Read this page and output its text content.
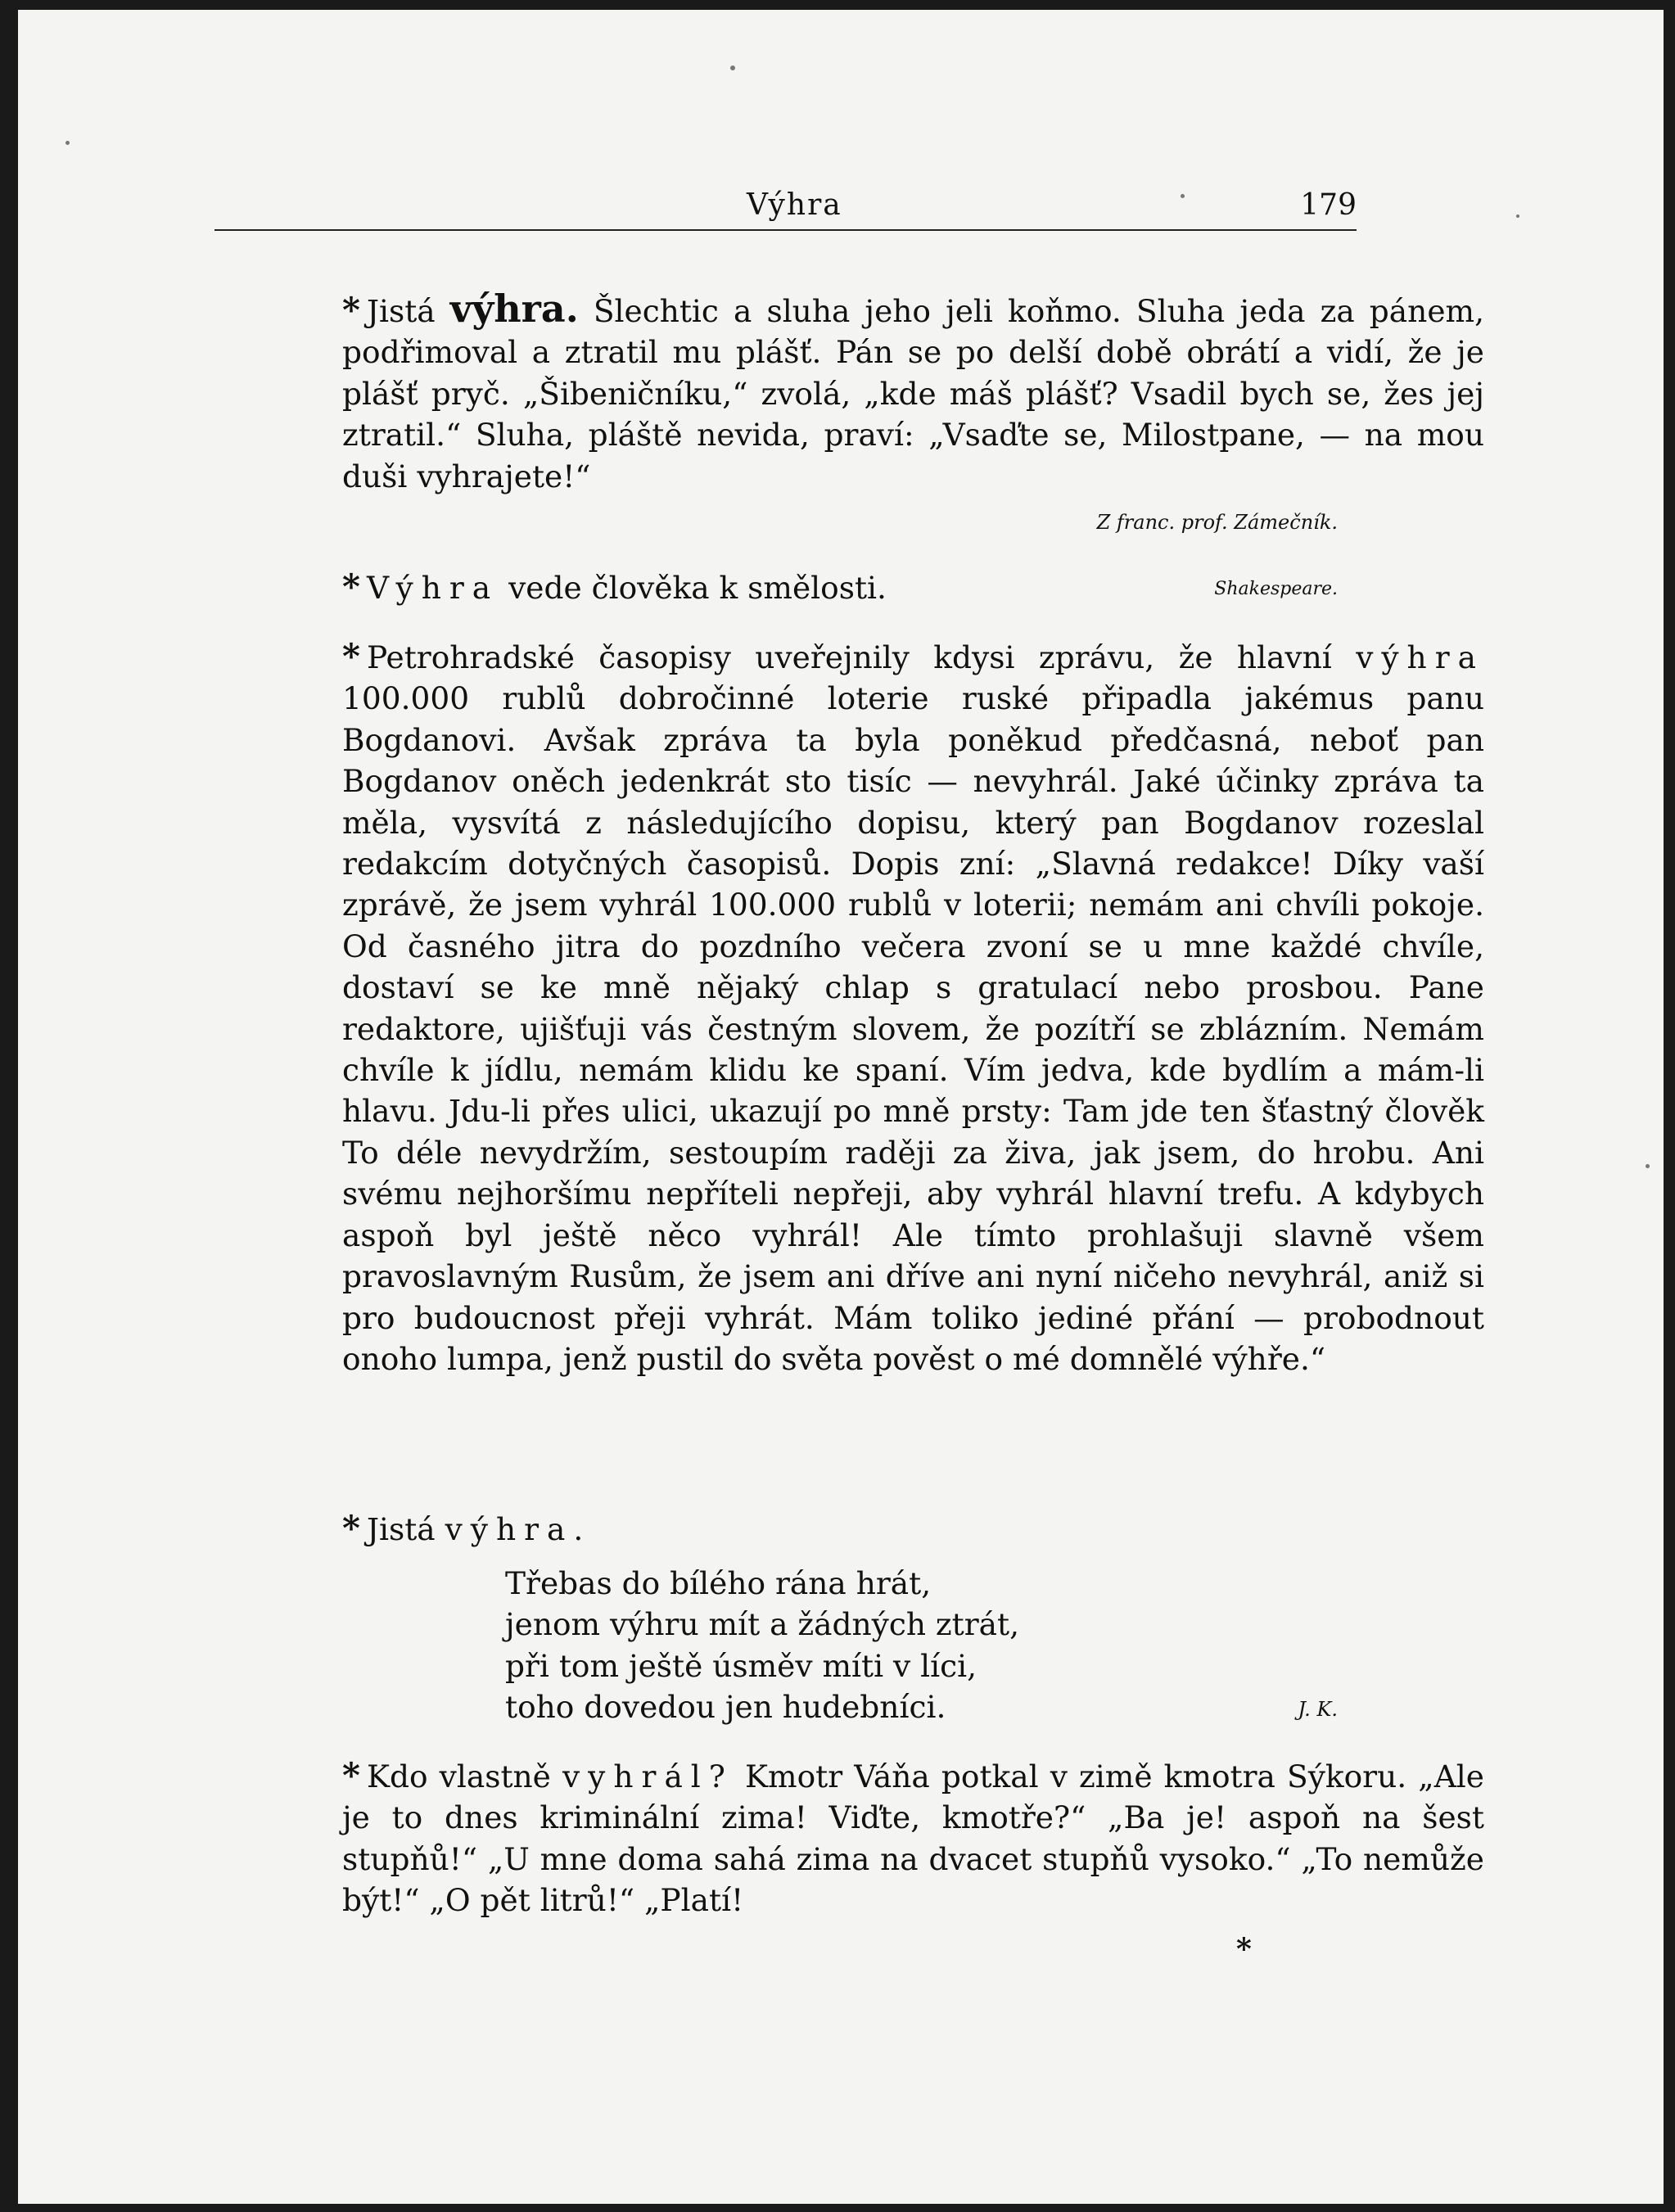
Výhra	179

* Jistá výhra. Šlechtic a sluha jeho jeli koňmo. Sluha jeda za pánem, podřimoval a ztratil mu plášť. Pán se po delší době obrátí a vidí, že je plášť pryč. „Šibeničníku,“ zvolá, „kde máš plášť? Vsadil bych se, žes jej ztratil.“ Sluha, pláště nevida, praví: „Vsaďte se, Milostpane, — na mou duši vyhrajete!“

Z franc. prof. Zámečník.

* Výhra vede člověka k smělosti.	Shakespeare.

* Petrohradské časopisy uveřejnily kdysi zprávu, že hlavní výhra 100.000 rublů dobročinné loterie ruské připadla jakémus panu Bogdanovi. Avšak zpráva ta byla poněkud předčasná, neboť pan Bogdanov oněch jedenkrát sto tisíc — nevyhrál. Jaké účinky zpráva ta měla, vysvítá z následujícího dopisu, který pan Bogdanov rozeslal redakcím dotyčných časopisů. Dopis zní: „Slavná redakce! Díky vaší zprávě, že jsem vyhrál 100.000 rublů v loterii; nemám ani chvíli pokoje. Od časného jitra do pozdního večera zvoní se u mne každé chvíle, dostaví se ke mně nějaký chlap s gratulací nebo prosbou. Pane redaktore, ujišťuji vás čestným slovem, že pozítří se zblázním. Nemám chvíle k jídlu, nemám klidu ke spaní. Vím jedva, kde bydlím a mám-li hlavu. Jdu-li přes ulici, ukazují po mně prsty: Tam jde ten šťastný člověk To déle nevydržím, sestoupím raději za živa, jak jsem, do hrobu. Ani svému nejhoršímu nepříteli nepřeji, aby vyhrál hlavní trefu. A kdybych aspoň byl ještě něco vyhrál! Ale tímto prohlašuji slavně všem pravoslavným Rusům, že jsem ani dříve ani nyní ničeho nevyhrál, aniž si pro budoucnost přeji vyhrát. Mám toliko jediné přání — probodnout onoho lumpa, jenž pustil do světa pověst o mé domnělé výhře.“

* Jistá výhra.

Třebas do bílého rána hrát,
jenom výhru mít a žádných ztrát,
při tom ještě úsměv míti v líci,
toho dovedou jen hudebníci.	J. K.

* Kdo vlastně vyhrál? Kmotr Váňa potkal v zimě kmotra Sýkoru. „Ale je to dnes kriminální zima! Viďte, kmotře?“ „Ba je! aspoň na šest stupňů!“ „U mne doma sahá zima na dvacet stupňů vysoko.“ „To nemůže být!“ „O pět litrů!“ „Platí!

*
